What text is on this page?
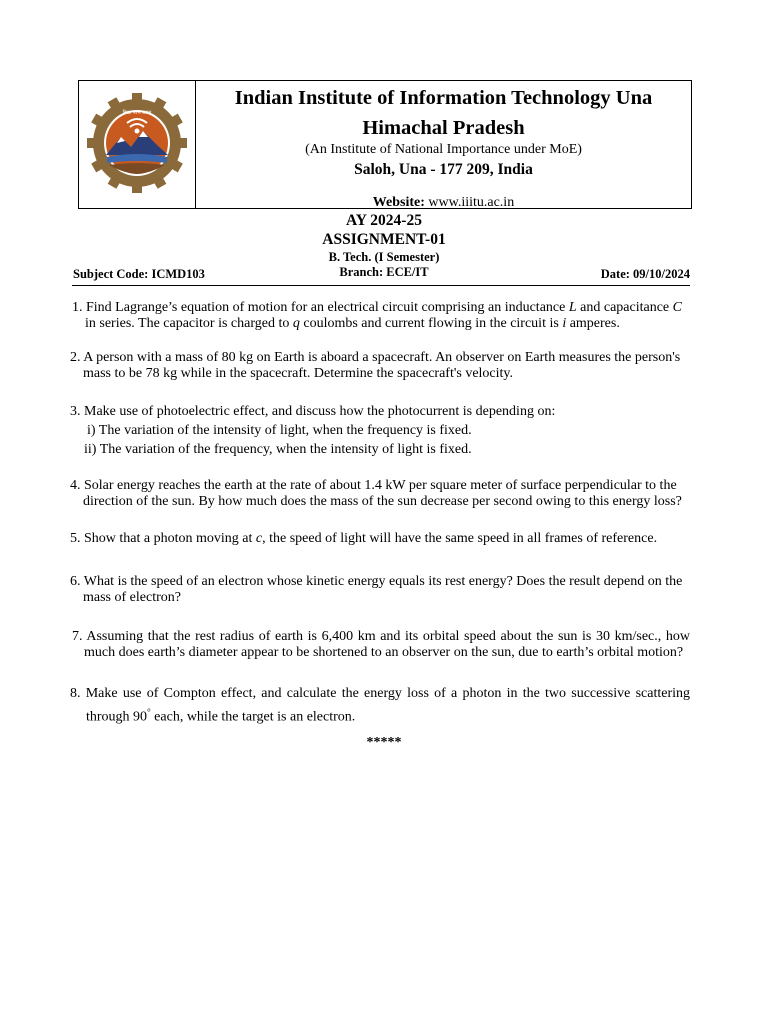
विद्या परम बलम्
Indian Institute of Information Technology Una
Himachal Pradesh
(An Institute of National Importance under MoE)
Saloh, Una - 177 209, India
Website: www.iiitu.ac.in
AY 2024-25
ASSIGNMENT-01
B. Tech. (I Semester)
Branch: ECE/IT
Subject Code: ICMD103	Date: 09/10/2024
1. Find Lagrange’s equation of motion for an electrical circuit comprising an inductance L and capacitance C
in series. The capacitor is charged to q coulombs and current flowing in the circuit is i amperes.
2. A person with a mass of 80 kg on Earth is aboard a spacecraft. An observer on Earth measures the person's
mass to be 78 kg while in the spacecraft. Determine the spacecraft's velocity.
3. Make use of photoelectric effect, and discuss how the photocurrent is depending on:
i) The variation of the intensity of light, when the frequency is fixed.
ii) The variation of the frequency, when the intensity of light is fixed.
4. Solar energy reaches the earth at the rate of about 1.4 kW per square meter of surface perpendicular to the
direction of the sun. By how much does the mass of the sun decrease per second owing to this energy loss?
5. Show that a photon moving at c, the speed of light will have the same speed in all frames of reference.
6. What is the speed of an electron whose kinetic energy equals its rest energy? Does the result depend on the
mass of electron?
7. Assuming that the rest radius of earth is 6,400 km and its orbital speed about the sun is 30 km/sec., how
much does earth’s diameter appear to be shortened to an observer on the sun, due to earth’s orbital motion?
8. Make use of Compton effect, and calculate the energy loss of a photon in the two successive scattering
through 90° each, while the target is an electron.
*****
